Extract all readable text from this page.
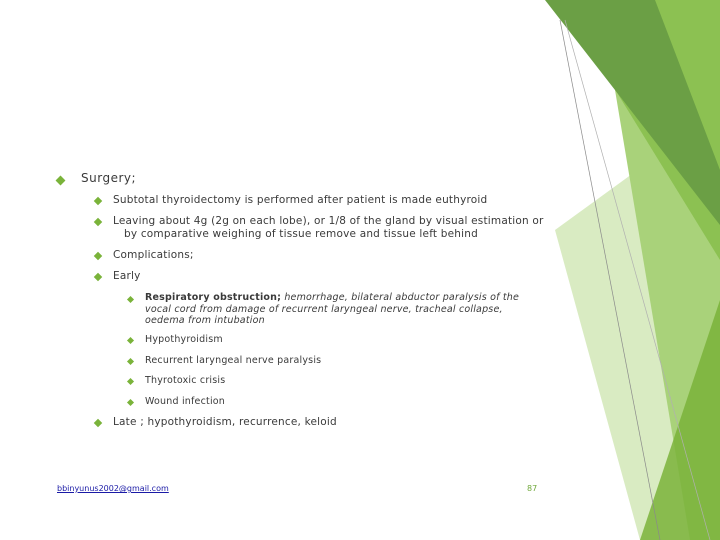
Surgery;
Subtotal thyroidectomy is performed after patient is made euthyroid
Leaving about 4g (2g on each lobe), or 1/8 of the gland by visual estimation or
by comparative weighing of tissue remove and tissue left behind
Complications;
Early
Respiratory obstruction; hemorrhage, bilateral abductor paralysis of the
vocal cord from damage of recurrent laryngeal nerve, tracheal collapse,
oedema from intubation
Hypothyroidism
Recurrent laryngeal nerve paralysis
Thyrotoxic crisis
Wound infection
Late ; hypothyroidism, recurrence, keloid
bbinyunus2002@gmail.com	87
